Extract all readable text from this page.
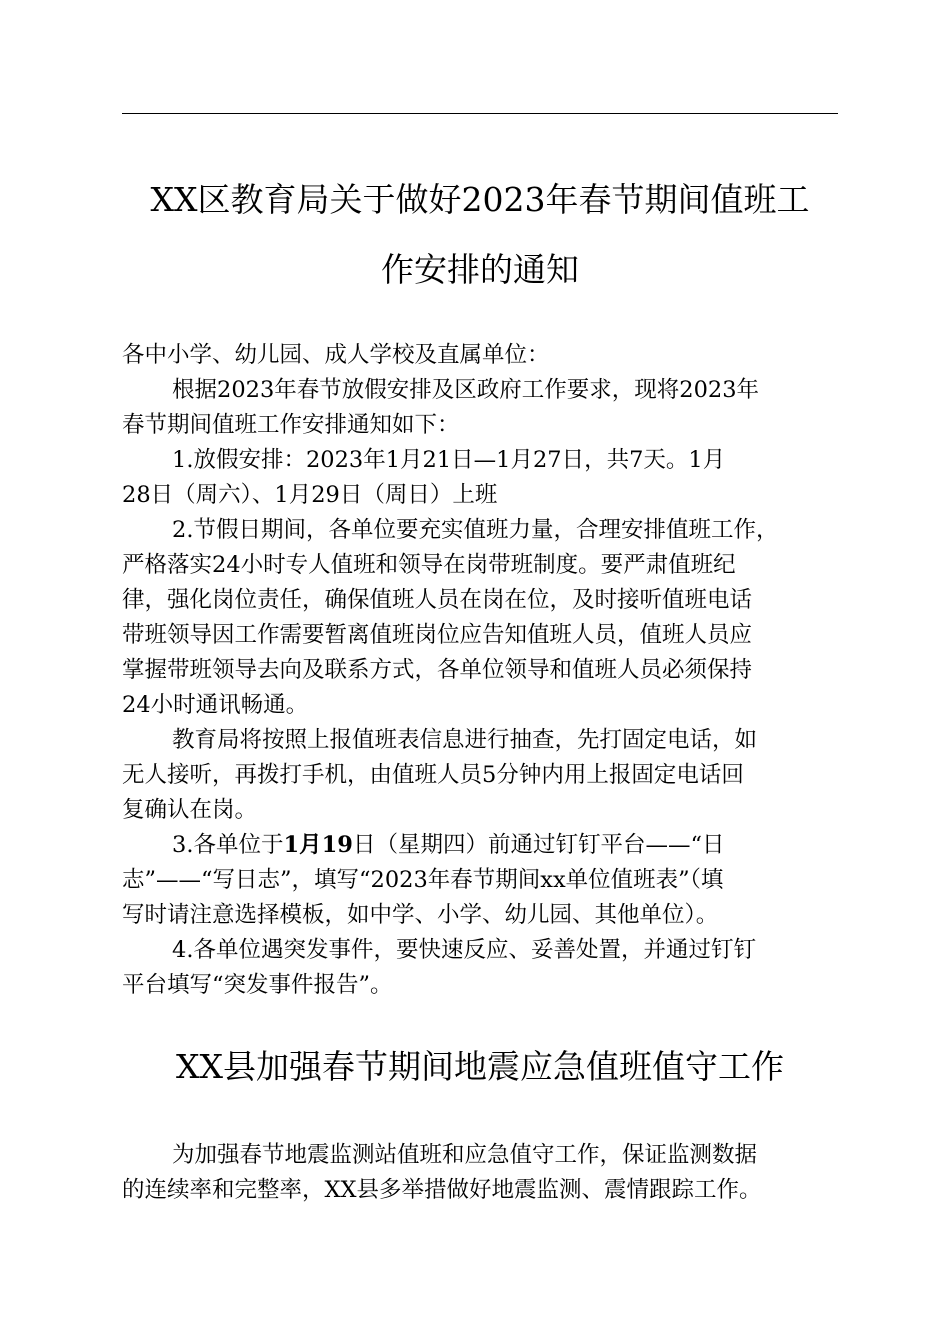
XX区教育局关于做好2023年春节期间值班工
作安排的通知

各中小学、幼儿园、成人学校及直属单位：

根据2023年春节放假安排及区政府工作要求，现将2023年

春节期间值班工作安排通知如下：

1.放假安排：2023年1月21日—1月27日，共7天。1月

28日（周六）、1月29日（周日）上班

2.节假日期间，各单位要充实值班力量，合理安排值班工作，

严格落实24小时专人值班和领导在岗带班制度。要严肃值班纪

律，强化岗位责任，确保值班人员在岗在位，及时接听值班电话

带班领导因工作需要暂离值班岗位应告知值班人员，值班人员应

掌握带班领导去向及联系方式，各单位领导和值班人员必须保持

24小时通讯畅通。

教育局将按照上报值班表信息进行抽查，先打固定电话，如

无人接听，再拨打手机，由值班人员5分钟内用上报固定电话回

复确认在岗。

3.各单位于1月19日（星期四）前通过钉钉平台——“日

志”——“写日志”，填写“2023年春节期间xx单位值班表”（填

写时请注意选择模板，如中学、小学、幼儿园、其他单位）。

4.各单位遇突发事件，要快速反应、妥善处置，并通过钉钉

平台填写“突发事件报告”。

XX县加强春节期间地震应急值班值守工作

为加强春节地震监测站值班和应急值守工作，保证监测数据

的连续率和完整率，XX县多举措做好地震监测、震情跟踪工作。
